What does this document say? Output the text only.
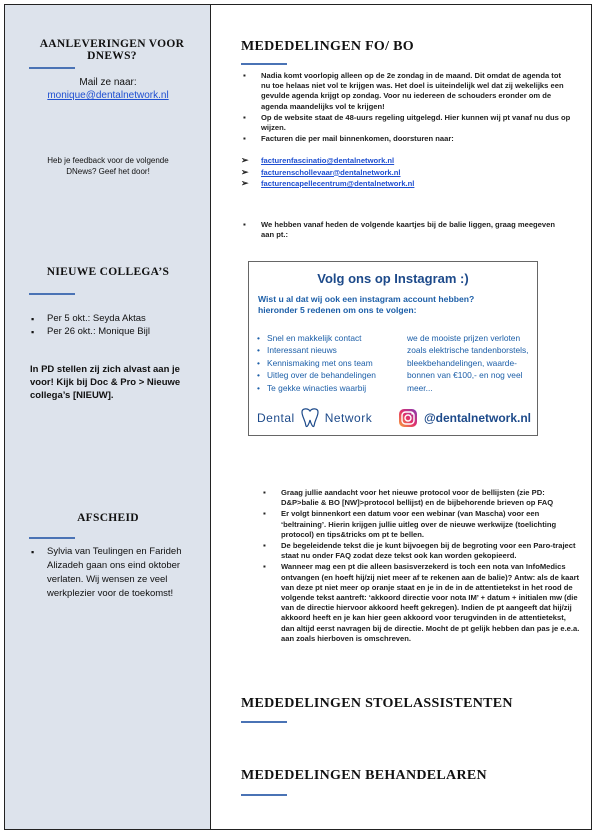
AANLEVERINGEN VOOR DNEWS?
Mail ze naar:
monique@dentalnetwork.nl
Heb je feedback voor de volgende DNews? Geef het door!
NIEUWE COLLEGA’S
▪ Per 5 okt.: Seyda Aktas
▪ Per 26 okt.: Monique Bijl
In PD stellen zij zich alvast aan je voor! Kijk bij Doc & Pro > Nieuwe collega’s [NIEUW].
AFSCHEID
▪ Sylvia van Teulingen en Farideh Alizadeh gaan ons eind oktober verlaten. Wij wensen ze veel werkplezier voor de toekomst!
MEDEDELINGEN FO/ BO
▪ Nadia komt voorlopig alleen op de 2e zondag in de maand. Dit omdat de agenda tot nu toe helaas niet vol te krijgen was. Het doel is uiteindelijk wel dat zij wekelijks een gevulde agenda krijgt op zondag. Voor nu iedereen de schouders eronder om de agenda maandelijks vol te krijgen!
▪ Op de website staat de 48-uurs regeling uitgelegd. Hier kunnen wij pt vanaf nu dus op wijzen.
▪ Facturen die per mail binnenkomen, doorsturen naar:
➢ facturenfascinatio@dentalnetwork.nl
➢ facturenschollevaar@dentalnetwork.nl
➢ facturencapellecentrum@dentalnetwork.nl
▪ We hebben vanaf heden de volgende kaartjes bij de balie liggen, graag meegeven aan pt.:
Volg ons op Instagram :)
Wist u al dat wij ook een instagram account hebben?
hieronder 5 redenen om ons te volgen:
• Snel en makkelijk contact
• Interessant nieuws
• Kennismaking met ons team
• Uitleg over de behandelingen
• Te gekke winacties waarbij
we de mooiste prijzen verloten
zoals elektrische tandenborstels,
bleekbehandelingen, waarde-
bonnen van €100,- en nog veel
meer...
Dental	Network	@dentalnetwork.nl
▪ Graag jullie aandacht voor het nieuwe protocol voor de bellijsten (zie PD: D&P>balie & BO [NW]>protocol bellijst) en de bijbehorende brieven op FAQ
▪ Er volgt binnenkort een datum voor een webinar (van Mascha) voor een ‘beltraining’. Hierin krijgen jullie uitleg over de nieuwe werkwijze (toelichting protocol) en tips&tricks om pt te bellen.
▪ De begeleidende tekst die je kunt bijvoegen bij de begroting voor een Paro-traject staat nu onder FAQ zodat deze tekst ook kan worden gekopieerd.
▪ Wanneer mag een pt die alleen basisverzekerd is toch een nota van InfoMedics ontvangen (en hoeft hij/zij niet meer af te rekenen aan de balie)? Antw: als de kaart van deze pt niet meer op oranje staat en je in de in de attentietekst in het rood de volgende tekst aantreft: ‘akkoord directie voor nota IM’ + datum + initialen mw (die van de directie hiervoor akkoord heeft gekregen). Indien de pt aangeeft dat hij/zij akkoord heeft en je kan hier geen akkoord voor terugvinden in de attentietekst, dan altijd eerst navragen bij de directie. Mocht de pt gelijk hebben dan pas je e.e.a. aan zoals hierboven is omschreven.
MEDEDELINGEN STOELASSISTENTEN
MEDEDELINGEN BEHANDELAREN
